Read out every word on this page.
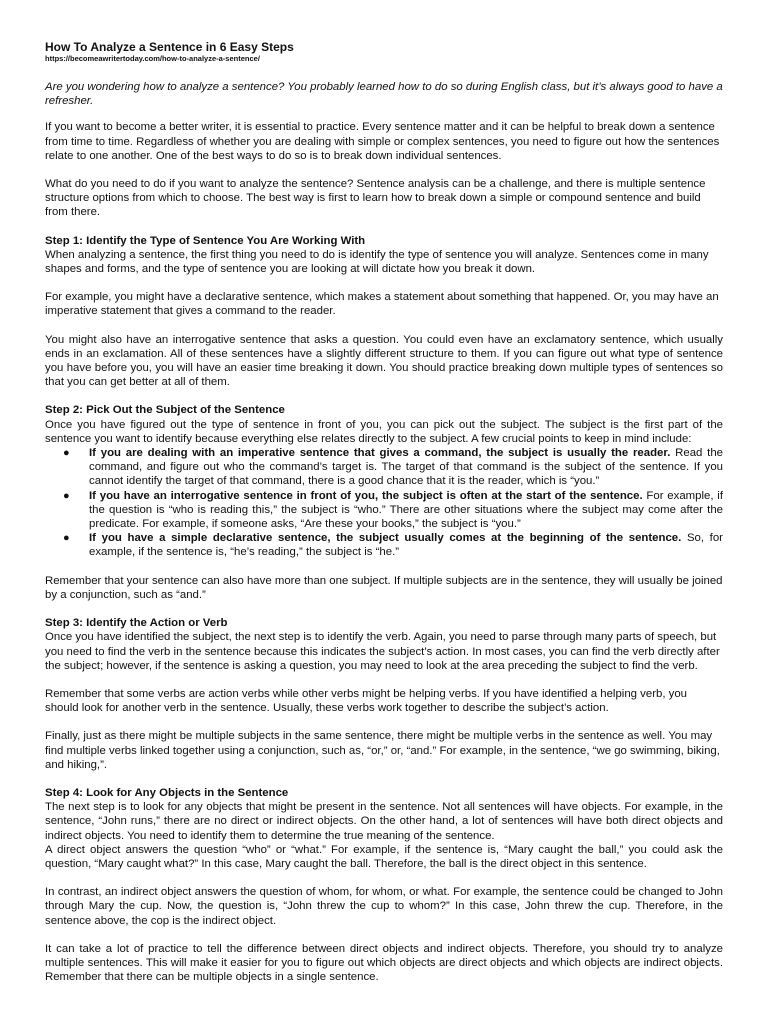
How To Analyze a Sentence in 6 Easy Steps
https://becomeawritertoday.com/how-to-analyze-a-sentence/

Are you wondering how to analyze a sentence? You probably learned how to do so during English class, but it’s always good to have a refresher.

If you want to become a better writer, it is essential to practice. Every sentence matter and it can be helpful to break down a sentence from time to time. Regardless of whether you are dealing with simple or complex sentences, you need to figure out how the sentences relate to one another. One of the best ways to do so is to break down individual sentences.

What do you need to do if you want to analyze the sentence? Sentence analysis can be a challenge, and there is multiple sentence structure options from which to choose. The best way is first to learn how to break down a simple or compound sentence and build from there.

Step 1: Identify the Type of Sentence You Are Working With

When analyzing a sentence, the first thing you need to do is identify the type of sentence you will analyze. Sentences come in many shapes and forms, and the type of sentence you are looking at will dictate how you break it down.

For example, you might have a declarative sentence, which makes a statement about something that happened. Or, you may have an imperative statement that gives a command to the reader.

You might also have an interrogative sentence that asks a question. You could even have an exclamatory sentence, which usually ends in an exclamation. All of these sentences have a slightly different structure to them. If you can figure out what type of sentence you have before you, you will have an easier time breaking it down. You should practice breaking down multiple types of sentences so that you can get better at all of them.

Step 2: Pick Out the Subject of the Sentence

Once you have figured out the type of sentence in front of you, you can pick out the subject. The subject is the first part of the sentence you want to identify because everything else relates directly to the subject. A few crucial points to keep in mind include:

● If you are dealing with an imperative sentence that gives a command, the subject is usually the reader. Read the command, and figure out who the command’s target is. The target of that command is the subject of the sentence. If you cannot identify the target of that command, there is a good chance that it is the reader, which is “you.”
● If you have an interrogative sentence in front of you, the subject is often at the start of the sentence. For example, if the question is “who is reading this,” the subject is “who.” There are other situations where the subject may come after the predicate. For example, if someone asks, “Are these your books,” the subject is “you.”
● If you have a simple declarative sentence, the subject usually comes at the beginning of the sentence. So, for example, if the sentence is, “he’s reading,” the subject is “he.”

Remember that your sentence can also have more than one subject. If multiple subjects are in the sentence, they will usually be joined by a conjunction, such as “and.”

Step 3: Identify the Action or Verb

Once you have identified the subject, the next step is to identify the verb. Again, you need to parse through many parts of speech, but you need to find the verb in the sentence because this indicates the subject’s action. In most cases, you can find the verb directly after the subject; however, if the sentence is asking a question, you may need to look at the area preceding the subject to find the verb.

Remember that some verbs are action verbs while other verbs might be helping verbs. If you have identified a helping verb, you should look for another verb in the sentence. Usually, these verbs work together to describe the subject’s action.

Finally, just as there might be multiple subjects in the same sentence, there might be multiple verbs in the sentence as well. You may find multiple verbs linked together using a conjunction, such as, “or,” or, “and.” For example, in the sentence, “we go swimming, biking, and hiking,”.

Step 4: Look for Any Objects in the Sentence

The next step is to look for any objects that might be present in the sentence. Not all sentences will have objects. For example, in the sentence, “John runs,” there are no direct or indirect objects. On the other hand, a lot of sentences will have both direct objects and indirect objects. You need to identify them to determine the true meaning of the sentence.

A direct object answers the question “who” or “what.” For example, if the sentence is, “Mary caught the ball,” you could ask the question, “Mary caught what?” In this case, Mary caught the ball. Therefore, the ball is the direct object in this sentence.

In contrast, an indirect object answers the question of whom, for whom, or what. For example, the sentence could be changed to John through Mary the cup. Now, the question is, “John threw the cup to whom?” In this case, John threw the cup. Therefore, in the sentence above, the cop is the indirect object.

It can take a lot of practice to tell the difference between direct objects and indirect objects. Therefore, you should try to analyze multiple sentences. This will make it easier for you to figure out which objects are direct objects and which objects are indirect objects. Remember that there can be multiple objects in a single sentence.
